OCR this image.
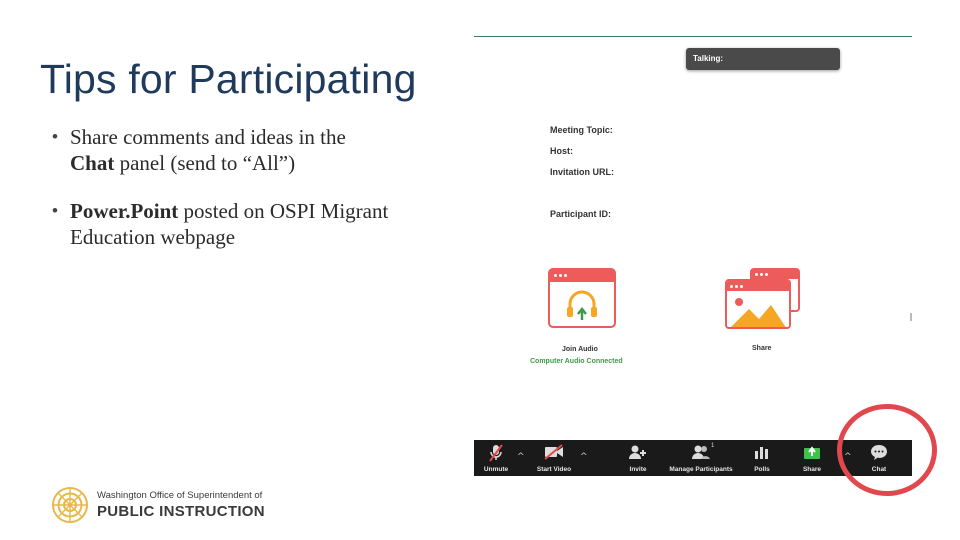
Tips for Participating
• Share comments and ideas in the
Chat panel (send to “All”)
• Power.Point posted on OSPI Migrant Education webpage
Talking:
Meeting Topic:
Host:
Invitation URL:
Participant ID:
Join Audio
Computer Audio Connected
Share
Unmute
^
Start Video
^
Invite
1
Manage Participants	Polls	Share
^
Chat
Washington Office of Superintendent of
PUBLIC INSTRUCTION
